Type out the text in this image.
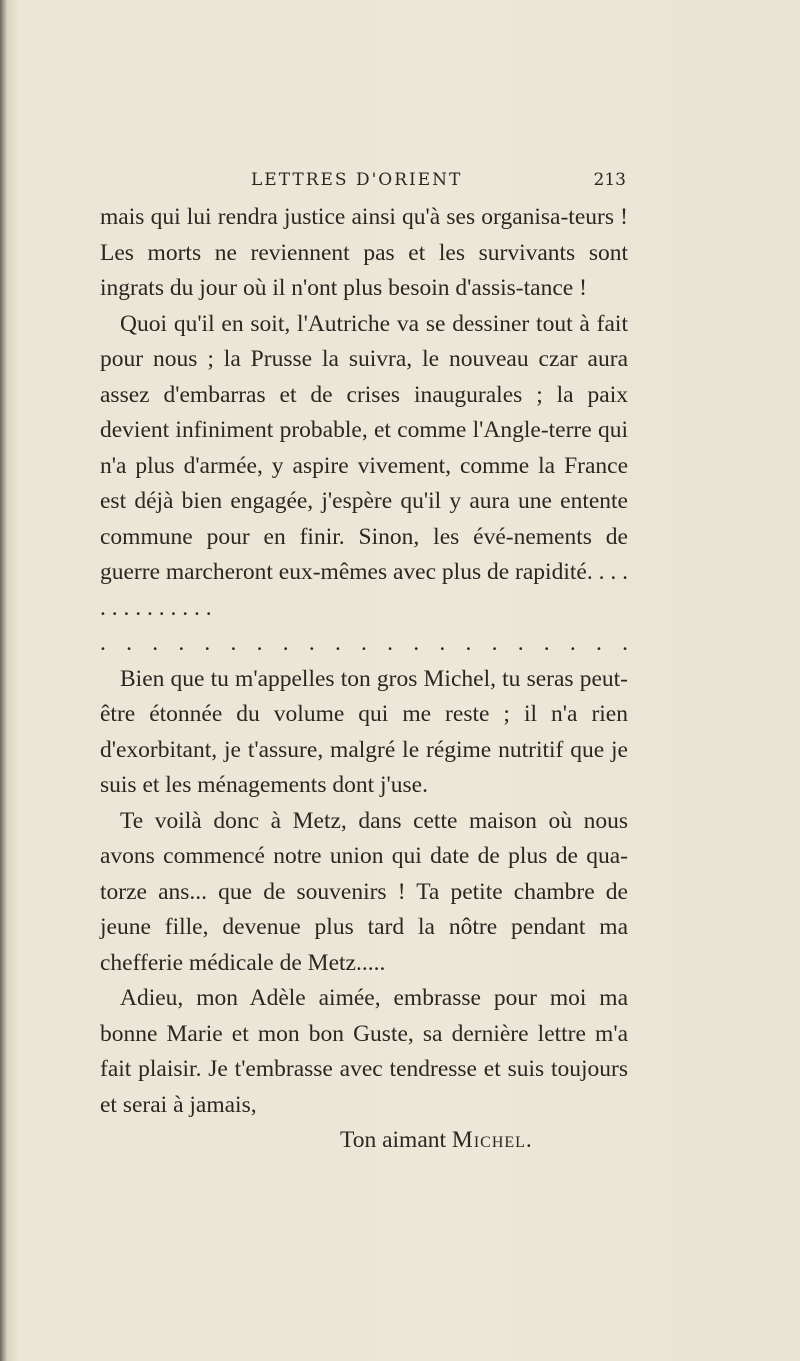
LETTRES D'ORIENT	213

mais qui lui rendra justice ainsi qu'à ses organisa-teurs ! Les morts ne reviennent pas et les survivants sont ingrats du jour où il n'ont plus besoin d'assis-tance !

Quoi qu'il en soit, l'Autriche va se dessiner tout à fait pour nous ; la Prusse la suivra, le nouveau czar aura assez d'embarras et de crises inaugurales ; la paix devient infiniment probable, et comme l'Angle-terre qui n'a plus d'armée, y aspire vivement, comme la France est déjà bien engagée, j'espère qu'il y aura une entente commune pour en finir. Sinon, les évé-nements de guerre marcheront eux-mêmes avec plus de rapidité. . . . . . . . . . . . . .

. . . . . . . . . . . . . . . . . . . . .

Bien que tu m'appelles ton gros Michel, tu seras peut-être étonnée du volume qui me reste ; il n'a rien d'exorbitant, je t'assure, malgré le régime nutritif que je suis et les ménagements dont j'use.

Te voilà donc à Metz, dans cette maison où nous avons commencé notre union qui date de plus de qua-torze ans... que de souvenirs ! Ta petite chambre de jeune fille, devenue plus tard la nôtre pendant ma chefferie médicale de Metz.....

Adieu, mon Adèle aimée, embrasse pour moi ma bonne Marie et mon bon Guste, sa dernière lettre m'a fait plaisir. Je t'embrasse avec tendresse et suis toujours et serai à jamais,

Ton aimant Michel.
